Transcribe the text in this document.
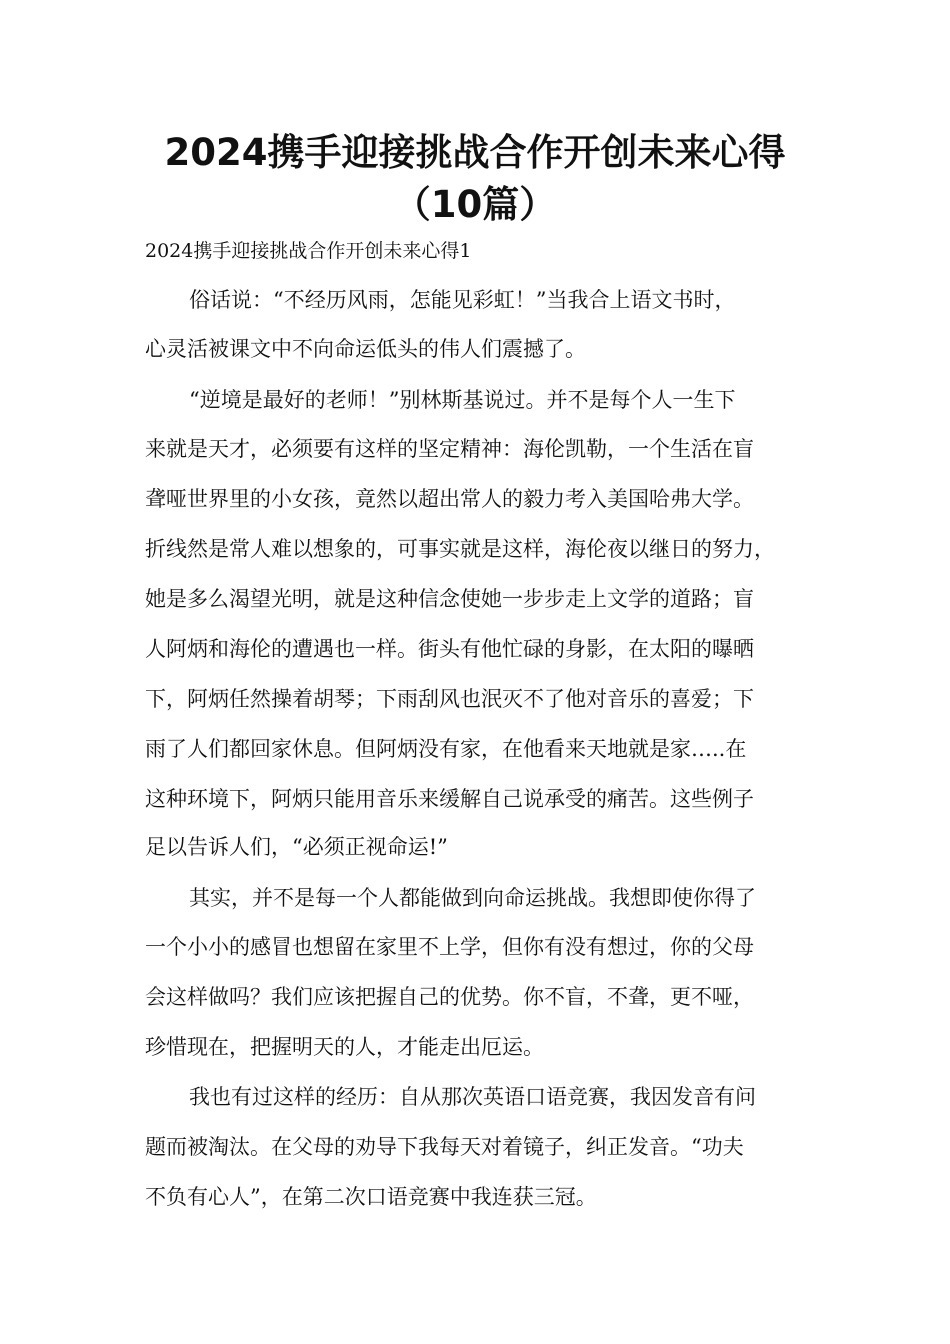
2024携手迎接挑战合作开创未来心得
（10篇）

2024携手迎接挑战合作开创未来心得1

俗话说：“不经历风雨，怎能见彩虹！”当我合上语文书时，

心灵活被课文中不向命运低头的伟人们震撼了。

“逆境是最好的老师！”别林斯基说过。并不是每个人一生下

来就是天才，必须要有这样的坚定精神：海伦凯勒，一个生活在盲

聋哑世界里的小女孩，竟然以超出常人的毅力考入美国哈弗大学。

折线然是常人难以想象的，可事实就是这样，海伦夜以继日的努力，

她是多么渴望光明，就是这种信念使她一步步走上文学的道路；盲

人阿炳和海伦的遭遇也一样。街头有他忙碌的身影，在太阳的曝晒

下，阿炳任然操着胡琴；下雨刮风也泯灭不了他对音乐的喜爱；下

雨了人们都回家休息。但阿炳没有家，在他看来天地就是家…..在

这种环境下，阿炳只能用音乐来缓解自己说承受的痛苦。这些例子

足以告诉人们，“必须正视命运!”

其实，并不是每一个人都能做到向命运挑战。我想即使你得了

一个小小的感冒也想留在家里不上学，但你有没有想过，你的父母

会这样做吗？我们应该把握自己的优势。你不盲，不聋，更不哑，

珍惜现在，把握明天的人，才能走出厄运。

我也有过这样的经历：自从那次英语口语竞赛，我因发音有问

题而被淘汰。在父母的劝导下我每天对着镜子，纠正发音。“功夫

不负有心人”，在第二次口语竞赛中我连获三冠。
